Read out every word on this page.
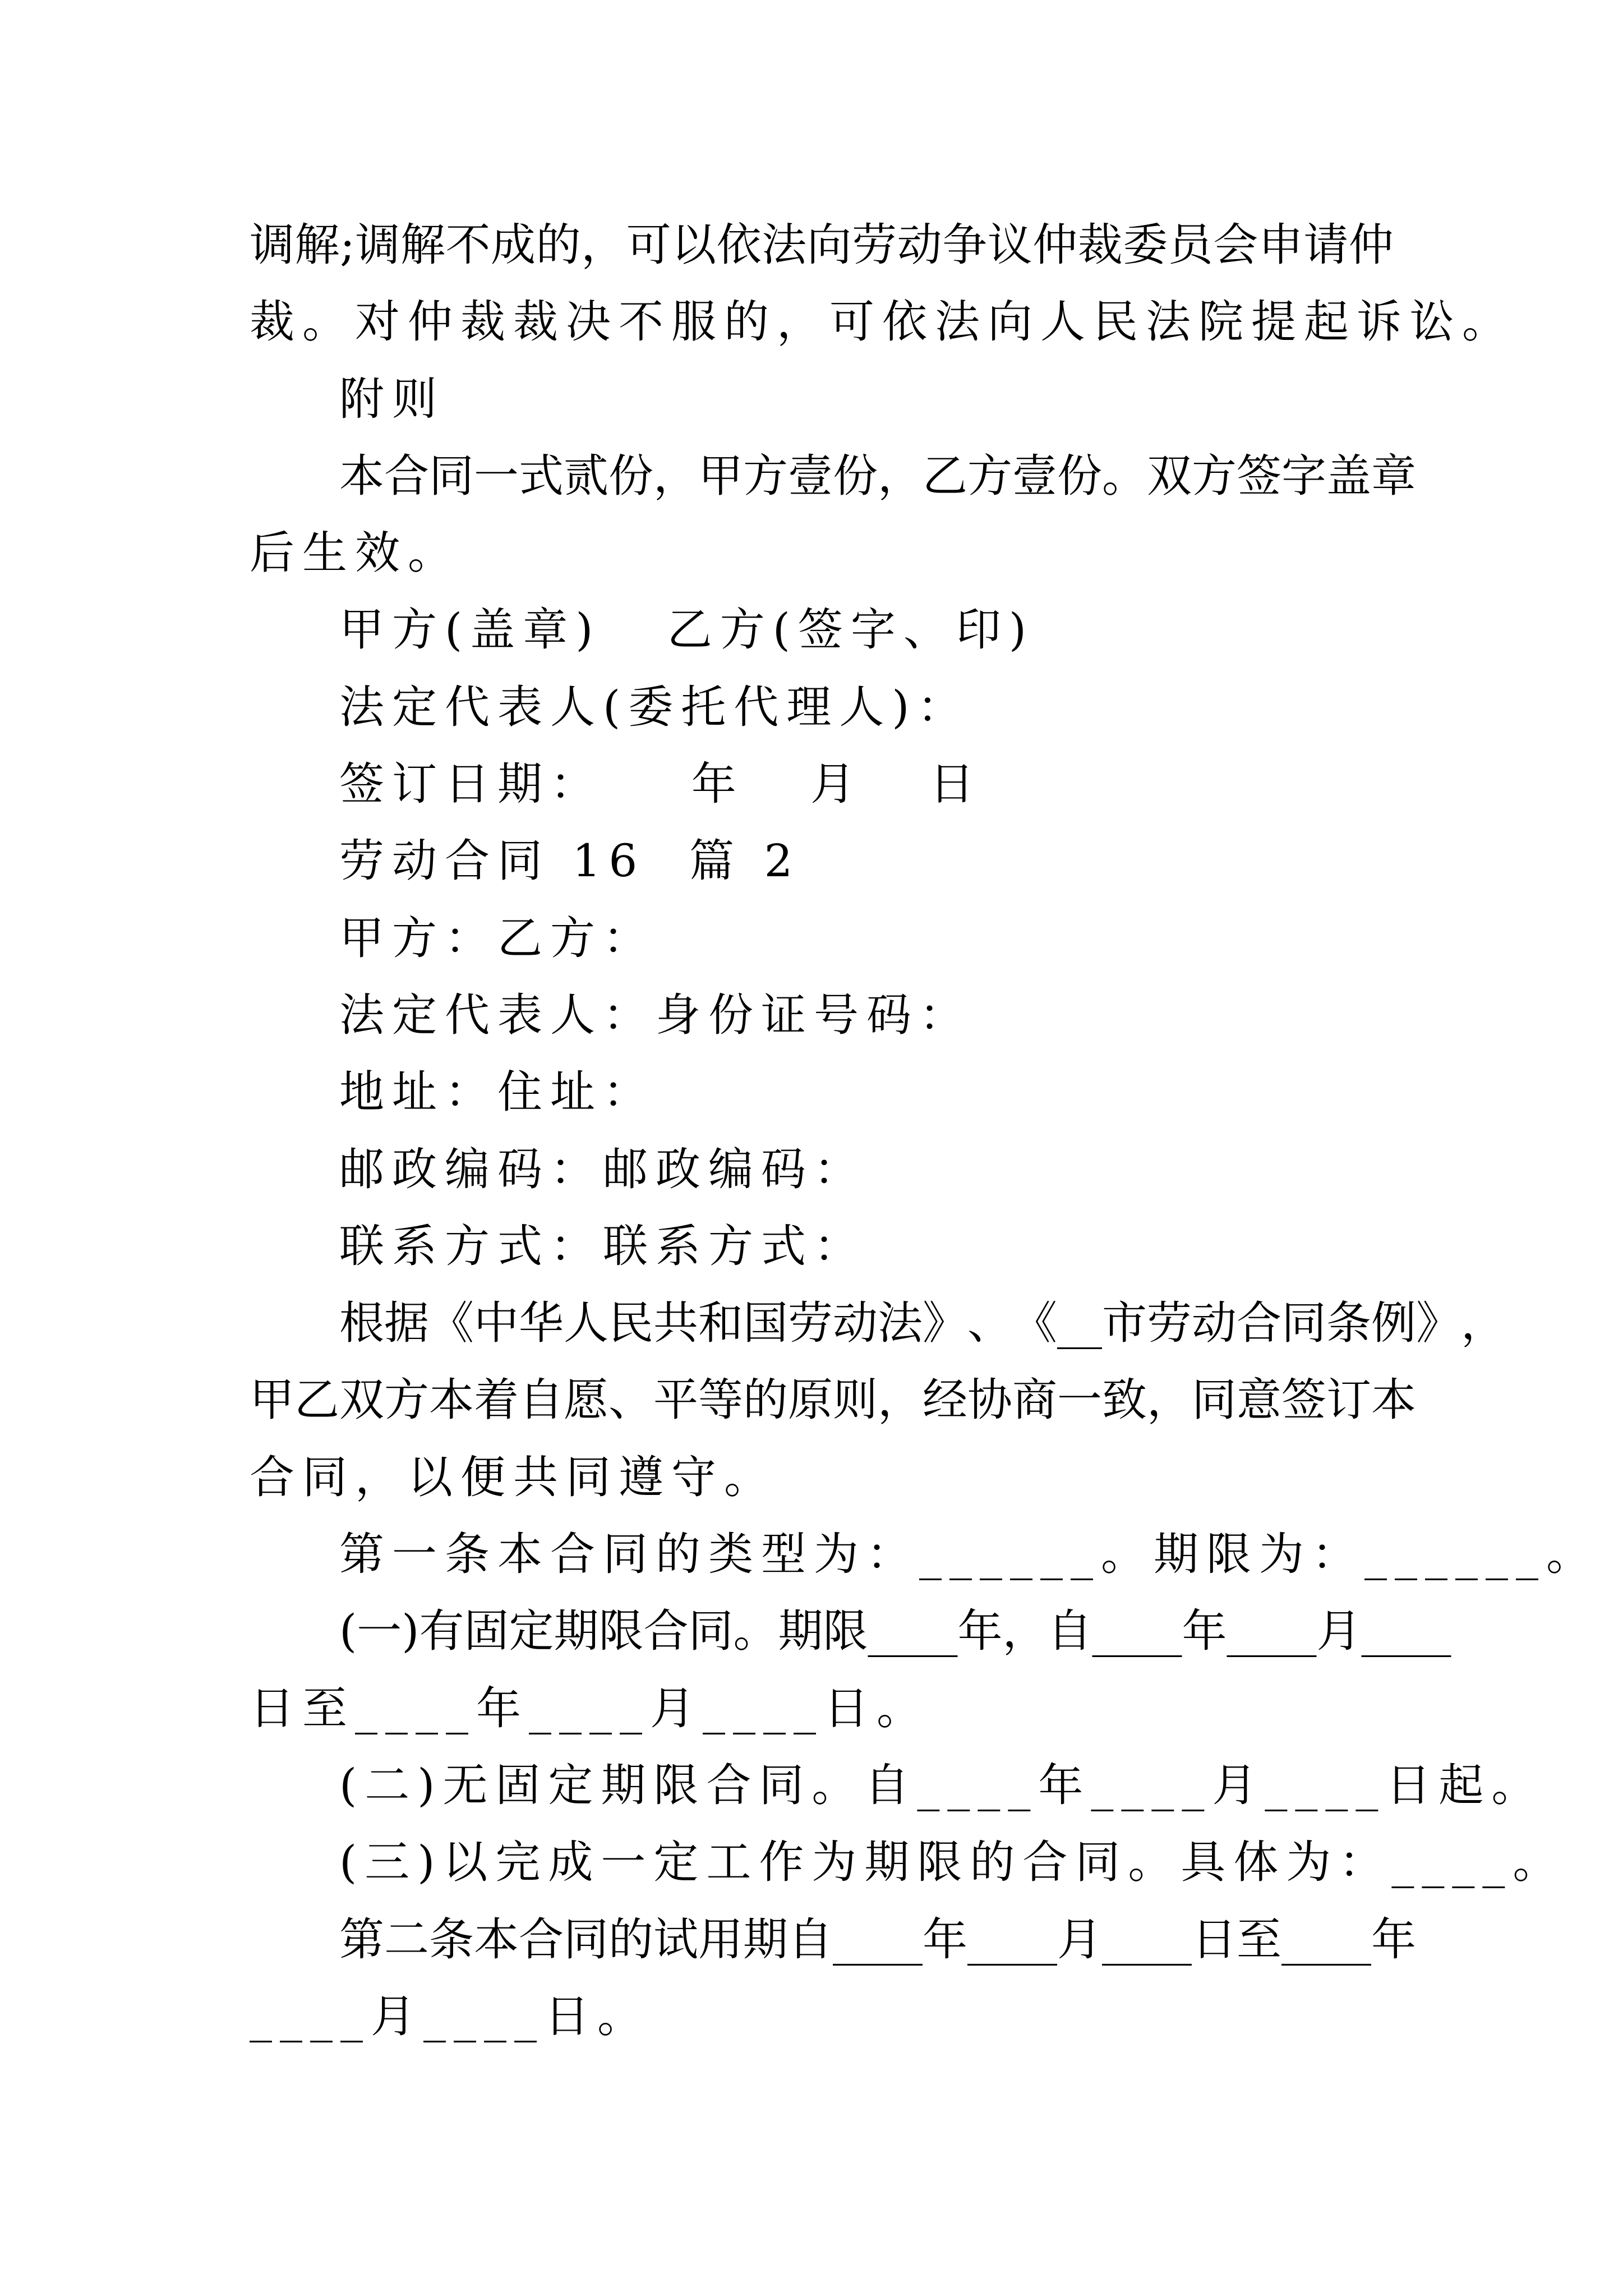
调 解 ; 调 解 不 成 的 ， 可 以 依 法 向 劳 动 争 议 仲 裁 委 员 会 申 请 仲
裁。对仲裁裁决不服的，可依法向人民法院提起诉讼。
附则
本 合 同 一 式 贰 份 ， 甲 方 壹 份 ， 乙 方 壹 份 。 双 方 签 字 盖 章
后生效。
甲方(盖章)   乙方(签字、印)
法定代表人(委托代理人)：
签订日期：    年   月   日
劳动合同 16  篇 2
甲方：乙方：
法定代表人：身份证号码：
地址：住址：
邮政编码：邮政编码：
联系方式：联系方式：
根 据 《 中 华 人 民 共 和 国 劳 动 法 》 、 《 _ _ 市 劳 动 合 同 条 例 》 ，
甲 乙 双 方 本 着 自 愿 、 平 等 的 原 则 ， 经 协 商 一 致 ， 同 意 签 订 本
合同，以便共同遵守。
第一条本合同的类型为：______。期限为：______。
( 一 ) 有 固 定 期 限 合 同 。 期 限 _ _ _ _ 年 ， 自 _ _ _ _ 年 _ _ _ _ 月 _ _ _ _
日至____年____月____日。
(二)无固定期限合同。自____年____月____日起。
(三)以完成一定工作为期限的合同。具体为：____。
第 二 条 本 合 同 的 试 用 期 自 _ _ _ _ 年 _ _ _ _ 月 _ _ _ _ 日 至 _ _ _ _ 年
____月____日。
